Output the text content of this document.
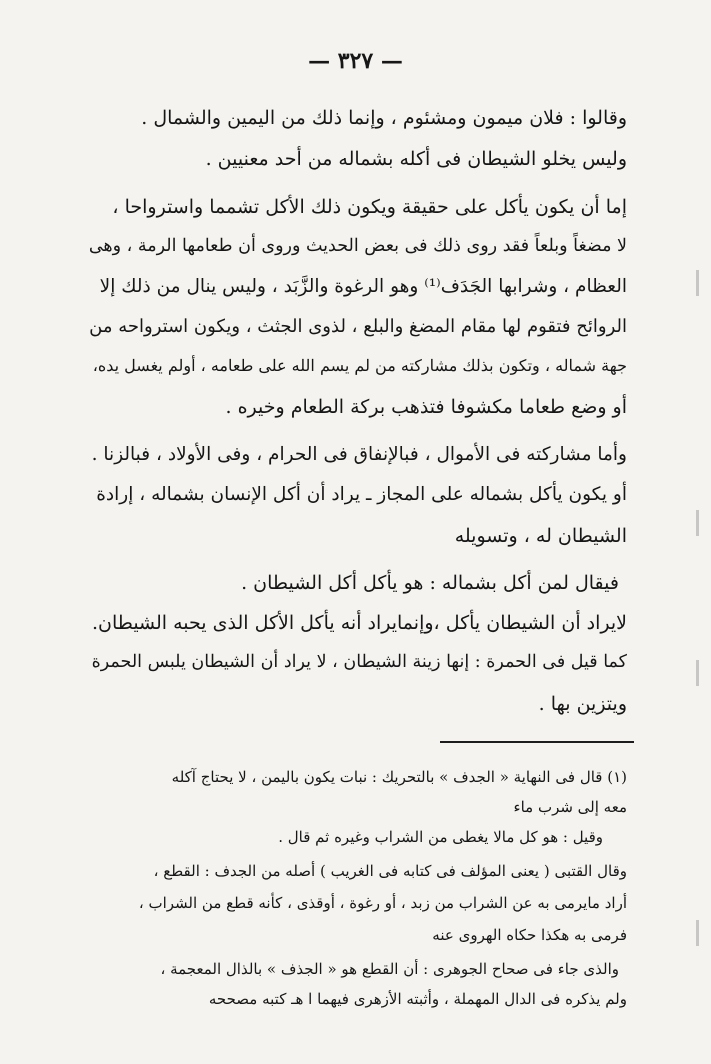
— ٣٢٧ —
وقالوا : فلان ميمون ومشئوم ، وإنما ذلك من اليمين والشمال .
وليس يخلو الشيطان فى أكله بشماله من أحد معنيين .
إما أن يكون يأكل على حقيقة ويكون ذلك الأكل تشمما واسترواحا ،
لا مضغاً وبلعاً فقد روى ذلك فى بعض الحديث وروى أن طعامها الرمة ، وهى
العظام ، وشرابها الجَدَف⁽¹⁾ وهو الرغوة والزَّبَد ، وليس ينال من ذلك إلا
الروائح فتقوم لها مقام المضغ والبلع ، لذوى الجثث ، ويكون استرواحه من
جهة شماله ، وتكون بذلك مشاركته من لم يسم الله على طعامه ، أولم يغسل يده،
أو وضع طعاما مكشوفا فتذهب بركة الطعام وخيره .
وأما مشاركته فى الأموال ، فبالإنفاق فى الحرام ، وفى الأولاد ، فبالزنا .
أو يكون يأكل بشماله على المجاز ـ يراد أن أكل الإنسان بشماله ، إرادة
الشيطان له ، وتسويله
فيقال لمن أكل بشماله : هو يأكل أكل الشيطان .
لايراد أن الشيطان يأكل ،وإنمايراد أنه يأكل الأكل الذى يحبه الشيطان.
كما قيل فى الحمرة : إنها زينة الشيطان ، لا يراد أن الشيطان يلبس الحمرة
ويتزين بها .
(١) قال فى النهاية « الجدف » بالتحريك : نبات يكون باليمن ، لا يحتاج آكله
معه إلى شرب ماء
وقيل : هو كل مالا يغطى من الشراب وغيره ثم قال .
وقال القتبى ( يعنى المؤلف فى كتابه فى الغريب ) أصله من الجدف : القطع ،
أراد مايرمى به عن الشراب من زبد ، أو رغوة ، أوقذى ، كأنه قطع من الشراب ،
فرمى به هكذا حكاه الهروى عنه
والذى جاء فى صحاح الجوهرى : أن القطع هو « الجذف » بالذال المعجمة ،
ولم يذكره فى الدال المهملة ، وأثبته الأزهرى فيهما ا هـ كتبه مصححه
